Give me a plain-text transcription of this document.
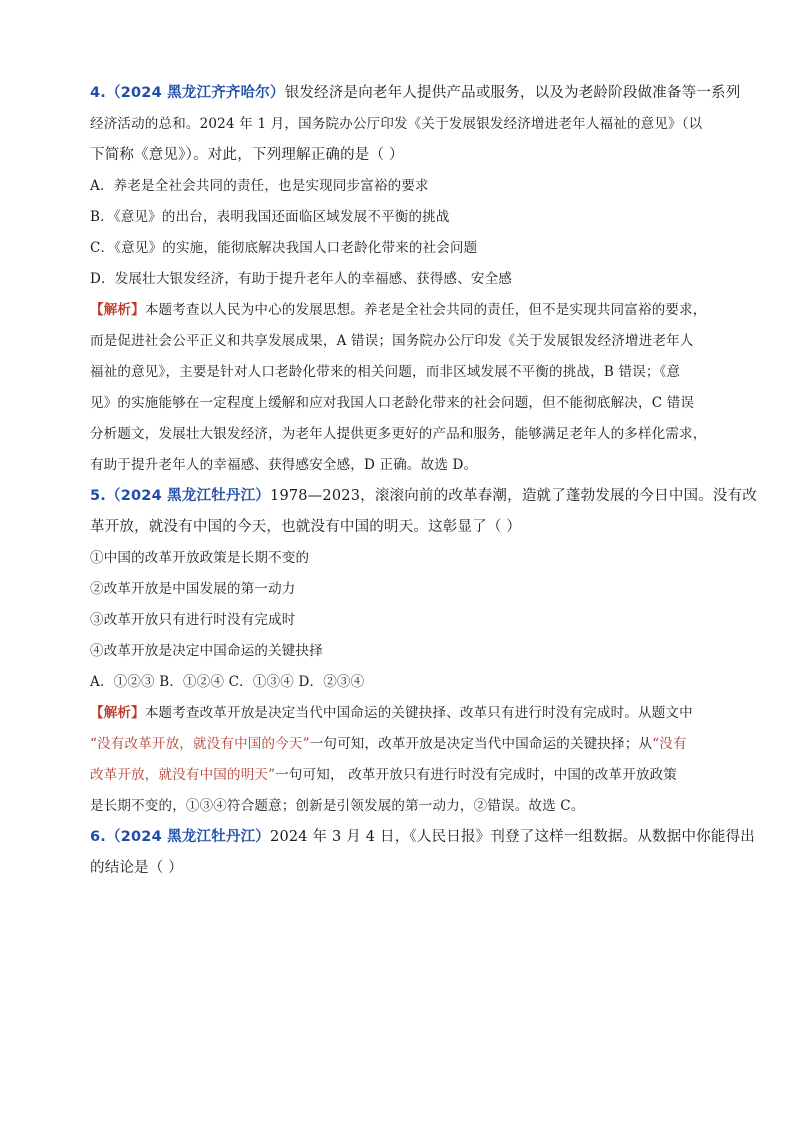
4.（2024 黑龙江齐齐哈尔）银发经济是向老年人提供产品或服务，以及为老龄阶段做准备等一系列
经济活动的总和。2024 年 1 月，国务院办公厅印发《关于发展银发经济增进老年人福祉的意见》（以
下简称《意见》）。对此，下列理解正确的是（ ）
A．养老是全社会共同的责任，也是实现同步富裕的要求
B．《意见》的出台，表明我国还面临区域发展不平衡的挑战
C．《意见》的实施，能彻底解决我国人口老龄化带来的社会问题
D．发展壮大银发经济，有助于提升老年人的幸福感、获得感、安全感
【解析】本题考查以人民为中心的发展思想。养老是全社会共同的责任，但不是实现共同富裕的要求，
而是促进社会公平正义和共享发展成果，A 错误；国务院办公厅印发《关于发展银发经济增进老年人
福祉的意见》，主要是针对人口老龄化带来的相关问题，而非区域发展不平衡的挑战，B 错误；《意
见》的实施能够在一定程度上缓解和应对我国人口老龄化带来的社会问题，但不能彻底解决，C 错误
分析题文，发展壮大银发经济，为老年人提供更多更好的产品和服务，能够满足老年人的多样化需求，
有助于提升老年人的幸福感、获得感安全感，D 正确。故选 D。
5.（2024 黑龙江牡丹江）1978—2023，滚滚向前的改革春潮，造就了蓬勃发展的今日中国。没有改
革开放，就没有中国的今天，也就没有中国的明天。这彰显了（ ）
①中国的改革开放政策是长期不变的
②改革开放是中国发展的第一动力
③改革开放只有进行时没有完成时
④改革开放是决定中国命运的关键抉择
A．①②③ B．①②④ C．①③④ D．②③④
【解析】本题考查改革开放是决定当代中国命运的关键抉择、改革只有进行时没有完成时。从题文中
“没有改革开放，就没有中国的今天”一句可知，改革开放是决定当代中国命运的关键抉择；从“没有
改革开放，就没有中国的明天”一句可知， 改革开放只有进行时没有完成时，中国的改革开放政策
是长期不变的，①③④符合题意；创新是引领发展的第一动力，②错误。故选 C。
6.（2024 黑龙江牡丹江）2024 年 3 月 4 日，《人民日报》刊登了这样一组数据。从数据中你能得出
的结论是（ ）
